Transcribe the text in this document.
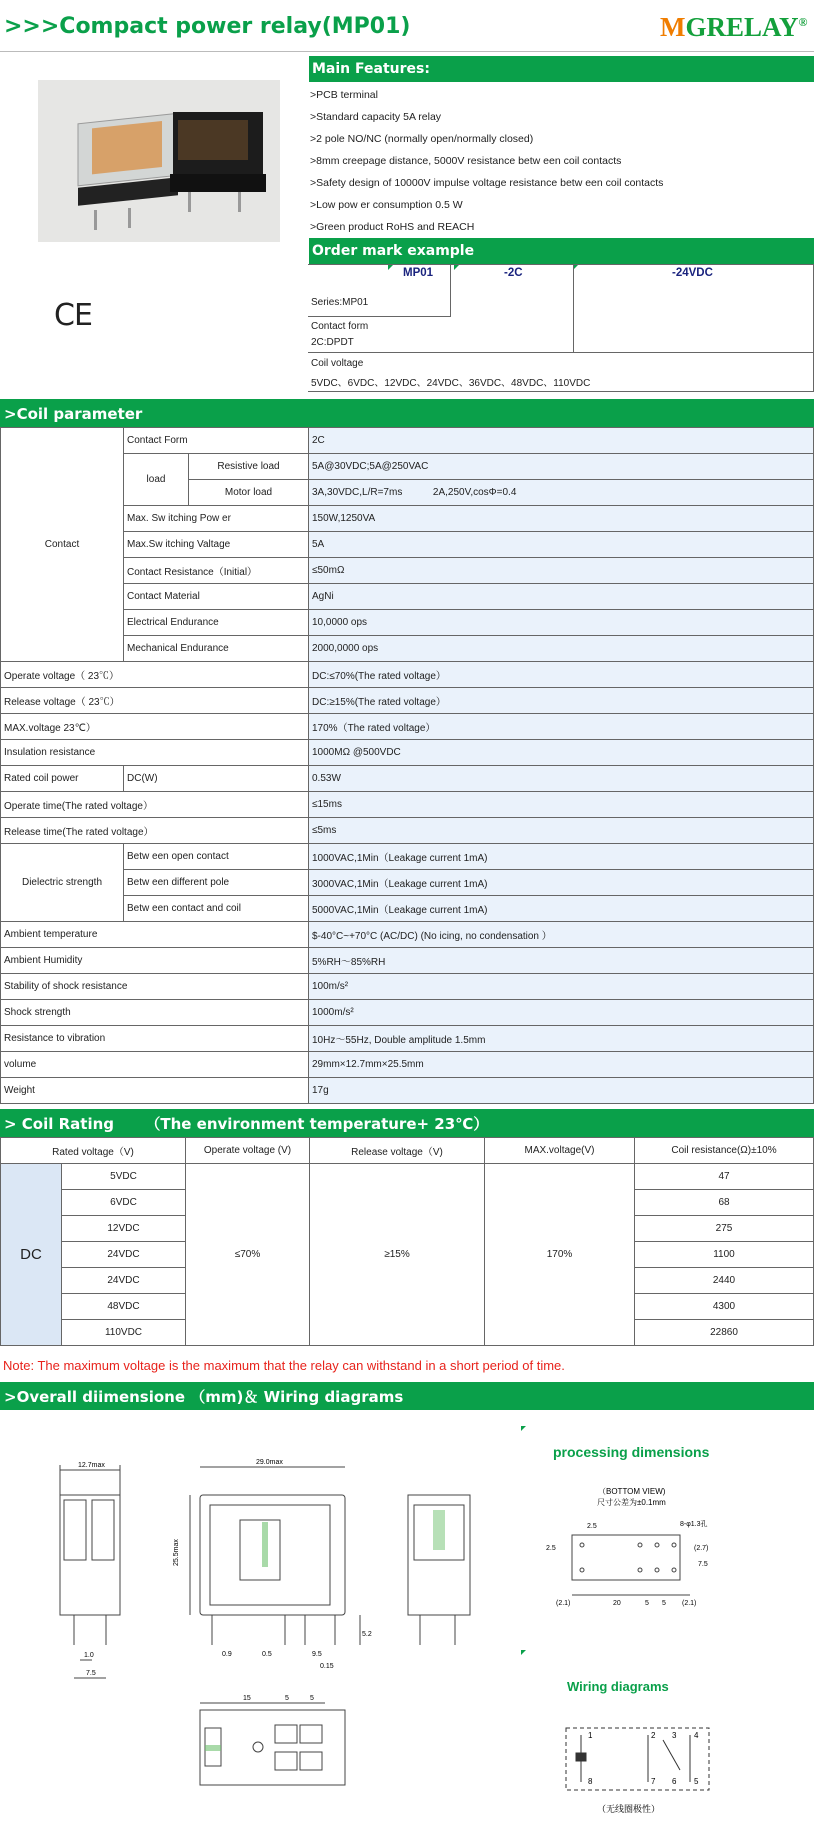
>>>Compact power relay(MP01)	MGRELAY®
CE
Main Features:
>PCB terminal
>Standard capacity 5A relay
>2 pole NO/NC (normally open/normally closed)
>8mm creepage distance, 5000V resistance betw een coil contacts
>Safety design of 10000V impulse voltage resistance betw een coil contacts
>Low pow er consumption 0.5 W
>Green product RoHS and REACH
Order mark example
MP01	-2C	-24VDC
Series:MP01
Contact form
2C:DPDT
Coil voltage
5VDC、6VDC、12VDC、24VDC、36VDC、48VDC、110VDC
>Coil parameter
Contact	Contact Form		2C
	load	Resistive load	5A@30VDC;5A@250VAC
		Motor load	3A,30VDC,L/R=7ms           2A,250V,cosΦ=0.4
	Max. Sw itching Pow er		150W,1250VA
	Max.Sw itching Valtage		5A
	Contact Resistance（Initial）		≤50mΩ
	Contact Material		AgNi
	Electrical Endurance		10,0000 ops
	Mechanical Endurance		2000,0000 ops
Operate voltage（ 23℃）			DC:≤70%(The rated voltage）
Release voltage（ 23℃）			DC:≥15%(The rated voltage）
MAX.voltage 23℃）			170%（The rated voltage）
Insulation resistance			1000MΩ @500VDC
Rated coil power	DC(W)		0.53W
Operate time(The rated voltage）			≤15ms
Release time(The rated voltage）			≤5ms
Dielectric strength	Betw een open contact		1000VAC,1Min（Leakage current 1mA)
	Betw een different pole		3000VAC,1Min（Leakage current 1mA)
	Betw een contact and coil		5000VAC,1Min（Leakage current 1mA)
Ambient temperature			$-40°C~+70°C (AC/DC) (No icing, no condensation ）
Ambient Humidity			5%RH～85%RH
Stability of shock resistance			100m/s²
Shock strength			1000m/s²
Resistance to vibration			10Hz～55Hz, Double amplitude 1.5mm
volume			29mm×12.7mm×25.5mm
Weight			17g
> Coil Rating      （The environment temperature+ 23℃）
Rated voltage（V)		Operate voltage (V)	Release voltage（V)	MAX.voltage(V)	Coil resistance(Ω)±10%
DC	5VDC	≤70%	≥15%	170%	47
	6VDC				68
	12VDC				275
	24VDC				1100
	24VDC				2440
	48VDC				4300
	110VDC				22860
Note: The maximum voltage is the maximum that the relay can withstand in a short period of time.
>Overall diimensione （mm)＆ Wiring diagrams
12.7max
1.0
7.5
29.0max
25.5max
0.9	0.5	9.5
0.15
5.2
15	5	5
processing dimensions
（BOTTOM VIEW)
尺寸公差为±0.1mm
2.5
2.5
8-φ1.3孔
(2.7)
7.5
(2.1)	20	5 5 (2.1)
Wiring diagrams
1	2 3 4
8	7 6 5
（无线圈极性）
